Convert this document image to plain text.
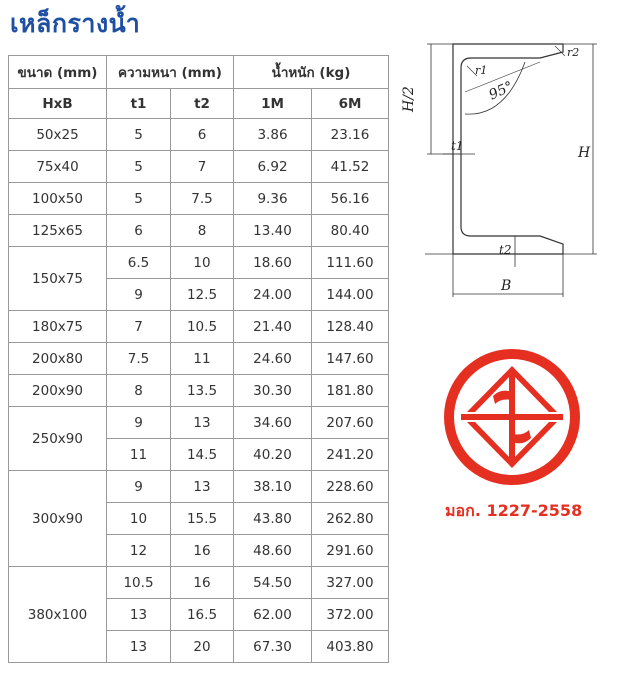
เหล็กรางน้ำ
ขนาด (mm)	ความหนา (mm)		น้ำหนัก (kg)	
HxB	t1	t2	1M	6M
50x25	5	6	3.86	23.16
75x40	5	7	6.92	41.52
100x50	5	7.5	9.36	56.16
125x65	6	8	13.40	80.40
150x75	6.5	10	18.60	111.60
	9	12.5	24.00	144.00
180x75	7	10.5	21.40	128.40
200x80	7.5	11	24.60	147.60
200x90	8	13.5	30.30	181.80
250x90	9	13	34.60	207.60
	11	14.5	40.20	241.20
300x90	9	13	38.10	228.60
	10	15.5	43.80	262.80
	12	16	48.60	291.60
380x100	10.5	16	54.50	327.00
	13	16.5	62.00	372.00
	13	20	67.30	403.80
H/2
H
B
95°
t1
t2
r1
r2
มอก. 1227-2558
